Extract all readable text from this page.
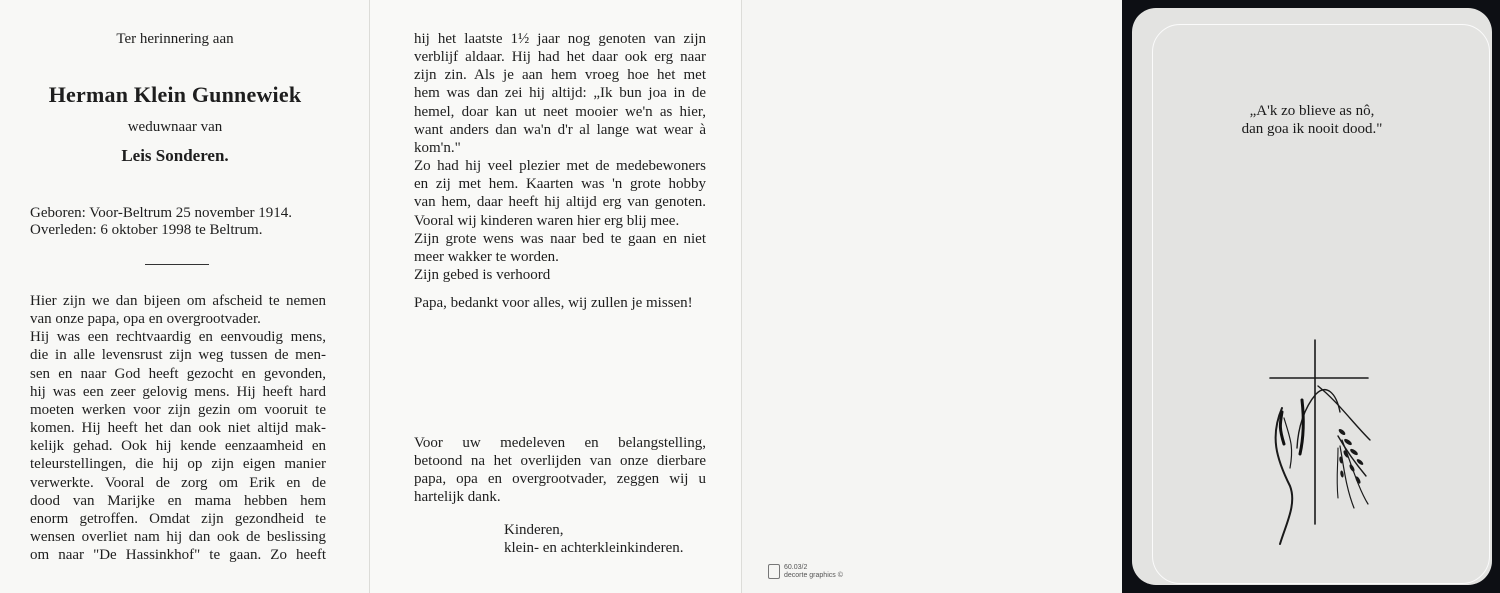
Ter herinnering aan
Herman Klein Gunnewiek
weduwnaar van
Leis Sonderen.
Geboren: Voor-Beltrum 25 november 1914.
Overleden: 6 oktober 1998 te Beltrum.
Hier zijn we dan bijeen om afscheid te nemen
van onze papa, opa en overgrootvader.
Hij was een rechtvaardig en eenvoudig mens,
die in alle levensrust zijn weg tussen de men-
sen en naar God heeft gezocht en gevonden,
hij was een zeer gelovig mens. Hij heeft hard
moeten werken voor zijn gezin om vooruit te
komen. Hij heeft het dan ook niet altijd mak-
kelijk gehad. Ook hij kende eenzaamheid en
teleurstellingen, die hij op zijn eigen manier
verwerkte. Vooral de zorg om Erik en de
dood van Marijke en mama hebben hem
enorm getroffen. Omdat zijn gezondheid te
wensen overliet nam hij dan ook de beslissing
om naar "De Hassinkhof" te gaan. Zo heeft
hij het laatste 1½ jaar nog genoten van zijn
verblijf aldaar. Hij had het daar ook erg naar
zijn zin. Als je aan hem vroeg hoe het met
hem was dan zei hij altijd: „Ik bun joa in de
hemel, doar kan ut neet mooier we'n as hier,
want anders dan wa'n d'r al lange wat wear à
kom'n."
Zo had hij veel plezier met de medebewoners
en zij met hem. Kaarten was 'n grote hobby
van hem, daar heeft hij altijd erg van genoten.
Vooral wij kinderen waren hier erg blij mee.
Zijn grote wens was naar bed te gaan en niet
meer wakker te worden.
Zijn gebed is verhoord
Papa, bedankt voor alles, wij zullen je missen!
Voor uw medeleven en belangstelling,
betoond na het overlijden van onze dierbare
papa, opa en overgrootvader, zeggen wij u
hartelijk dank.
Kinderen,
klein- en achterkleinkinderen.
60.03/2
decorte graphics ©
„A'k zo blieve as nô,
dan goa ik nooit dood."
